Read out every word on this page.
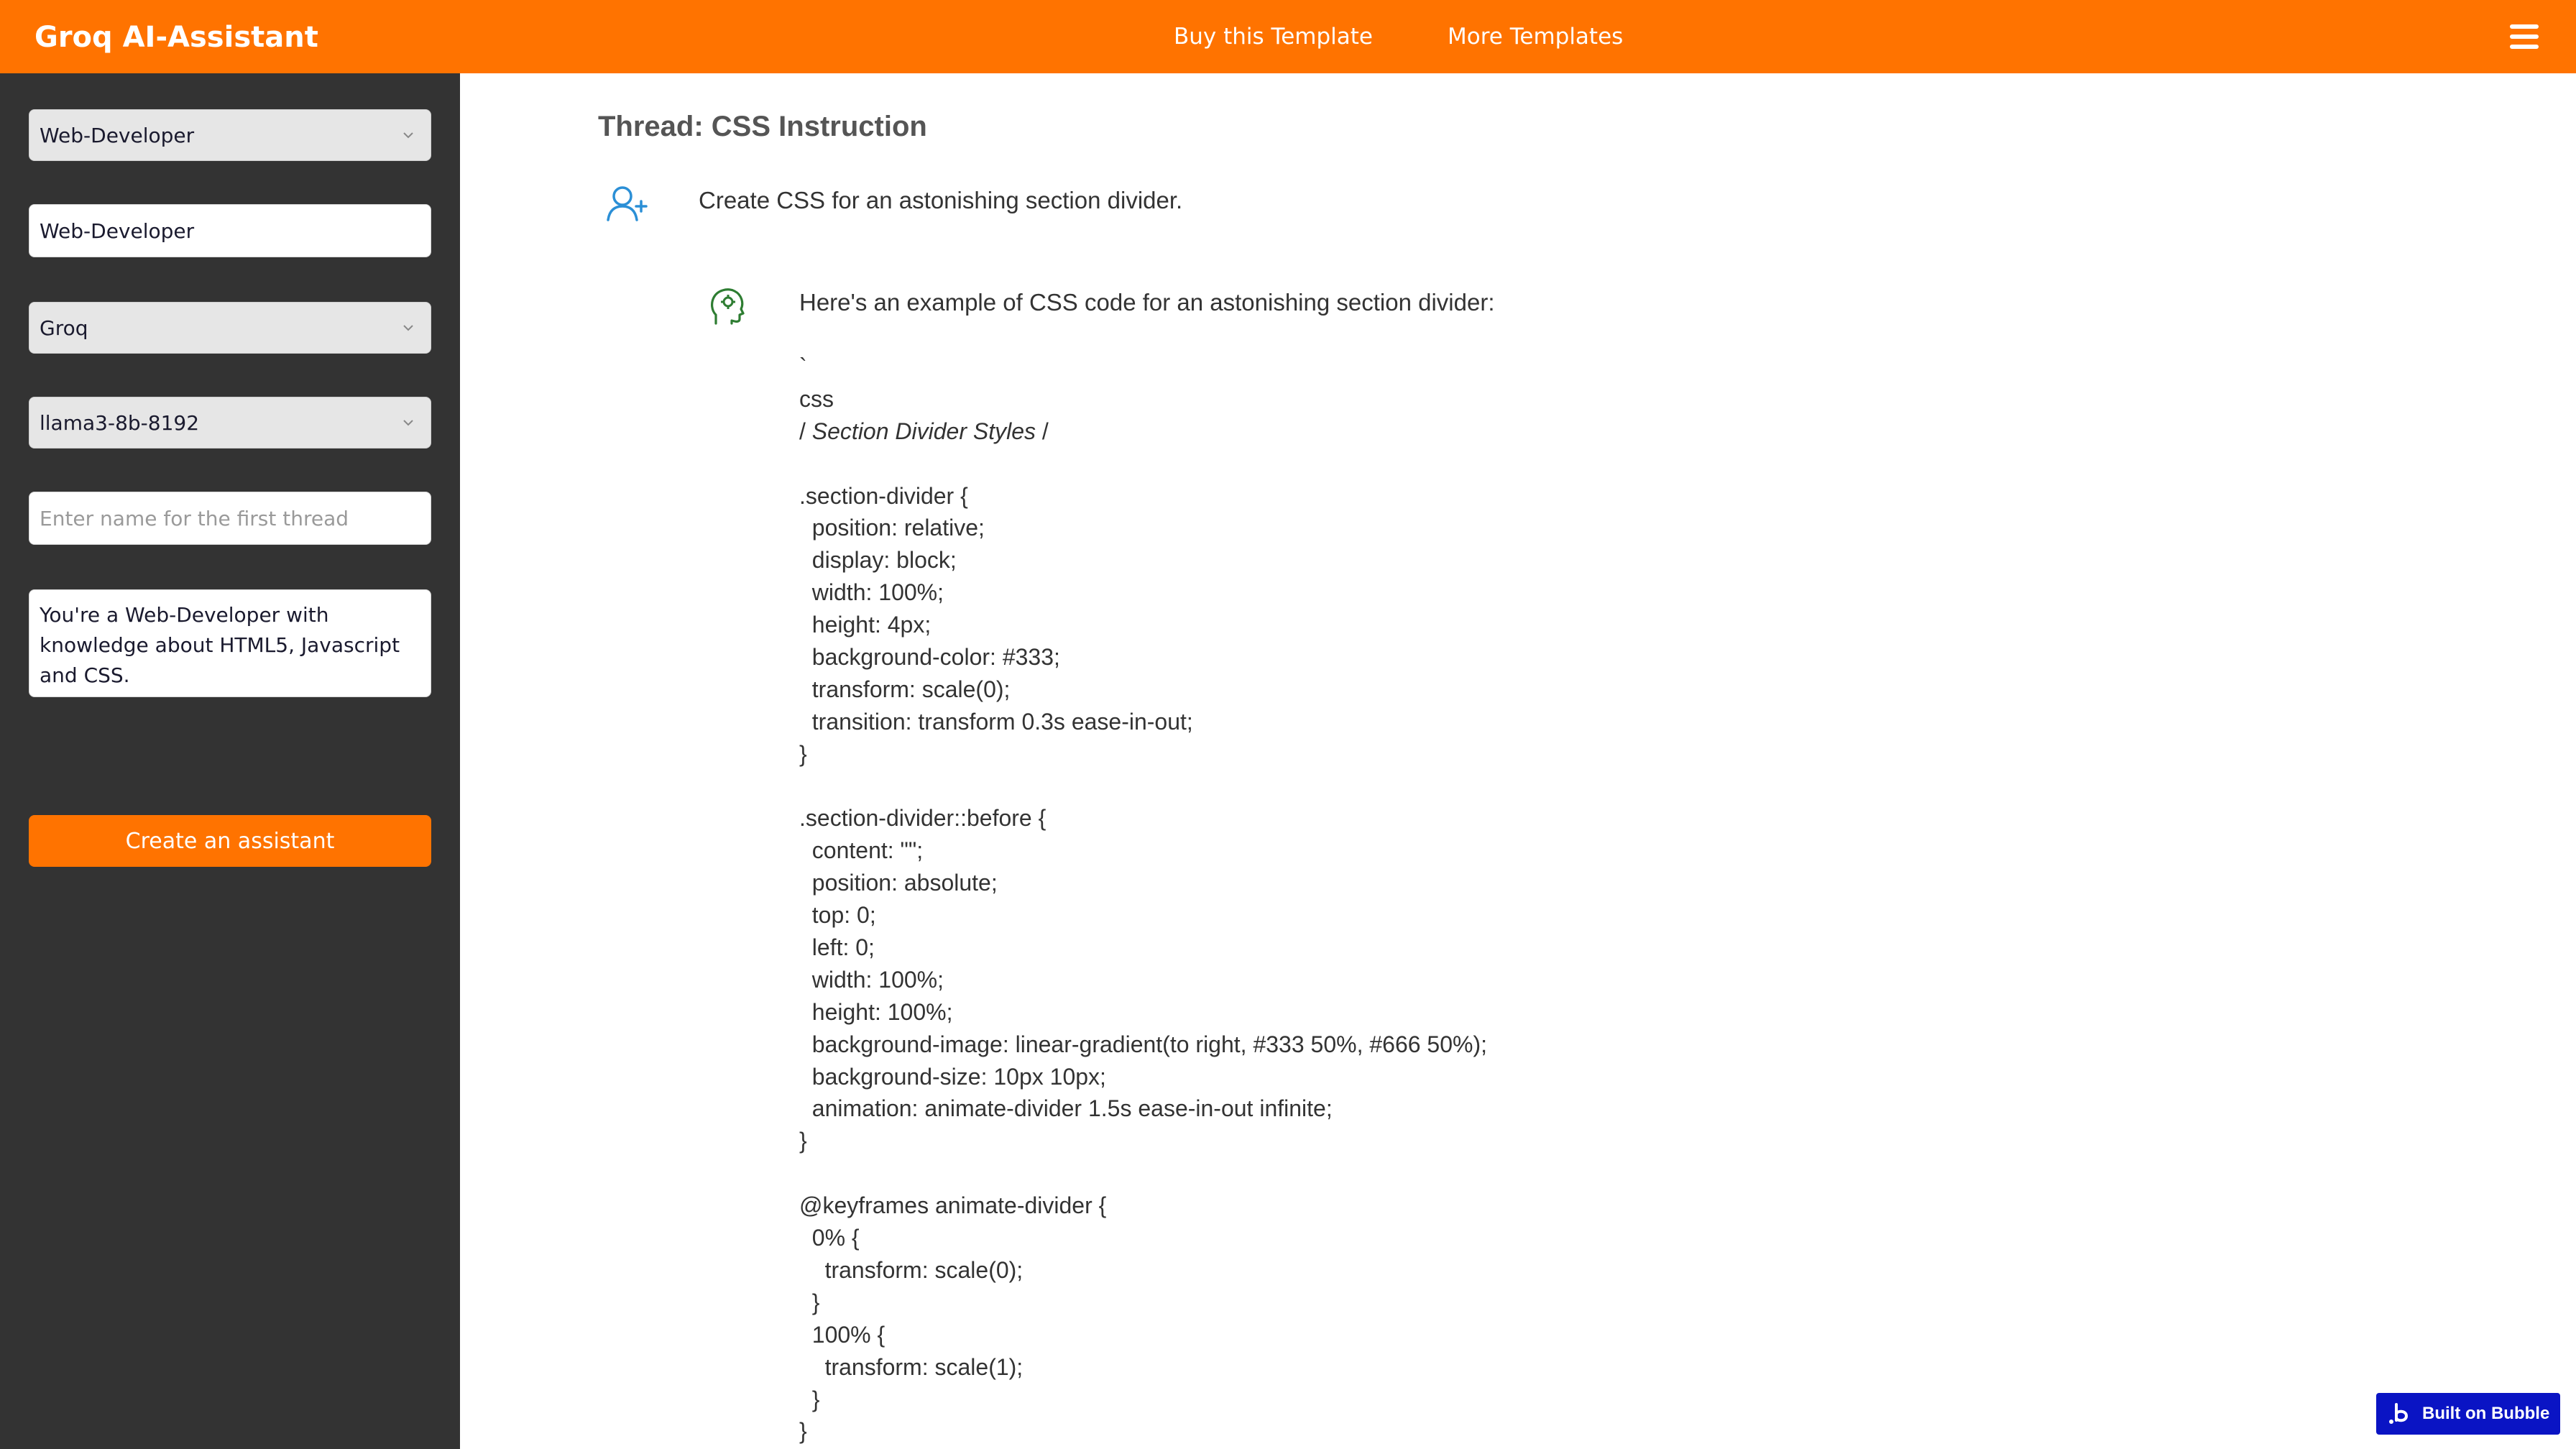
Groq AI-Assistant	Buy this Template	More Templates
Web-Developer
Web-Developer
Groq
llama3-8b-8192
Enter name for the first thread
You're a Web-Developer with knowledge about HTML5, Javascript and CSS.
Create an assistant
Thread: CSS Instruction
Create CSS for an astonishing section divider.
Here's an example of CSS code for an astonishing section divider:
`
css
/ Section Divider Styles /
.section-divider {
position: relative;
display: block;
width: 100%;
height: 4px;
background-color: #333;
transform: scale(0);
transition: transform 0.3s ease-in-out;
}
.section-divider::before {
content: "";
position: absolute;
top: 0;
left: 0;
width: 100%;
height: 100%;
background-image: linear-gradient(to right, #333 50%, #666 50%);
background-size: 10px 10px;
animation: animate-divider 1.5s ease-in-out infinite;
}
@keyframes animate-divider {
0% {
transform: scale(0);
}
100% {
transform: scale(1);
}
}
Built on Bubble
